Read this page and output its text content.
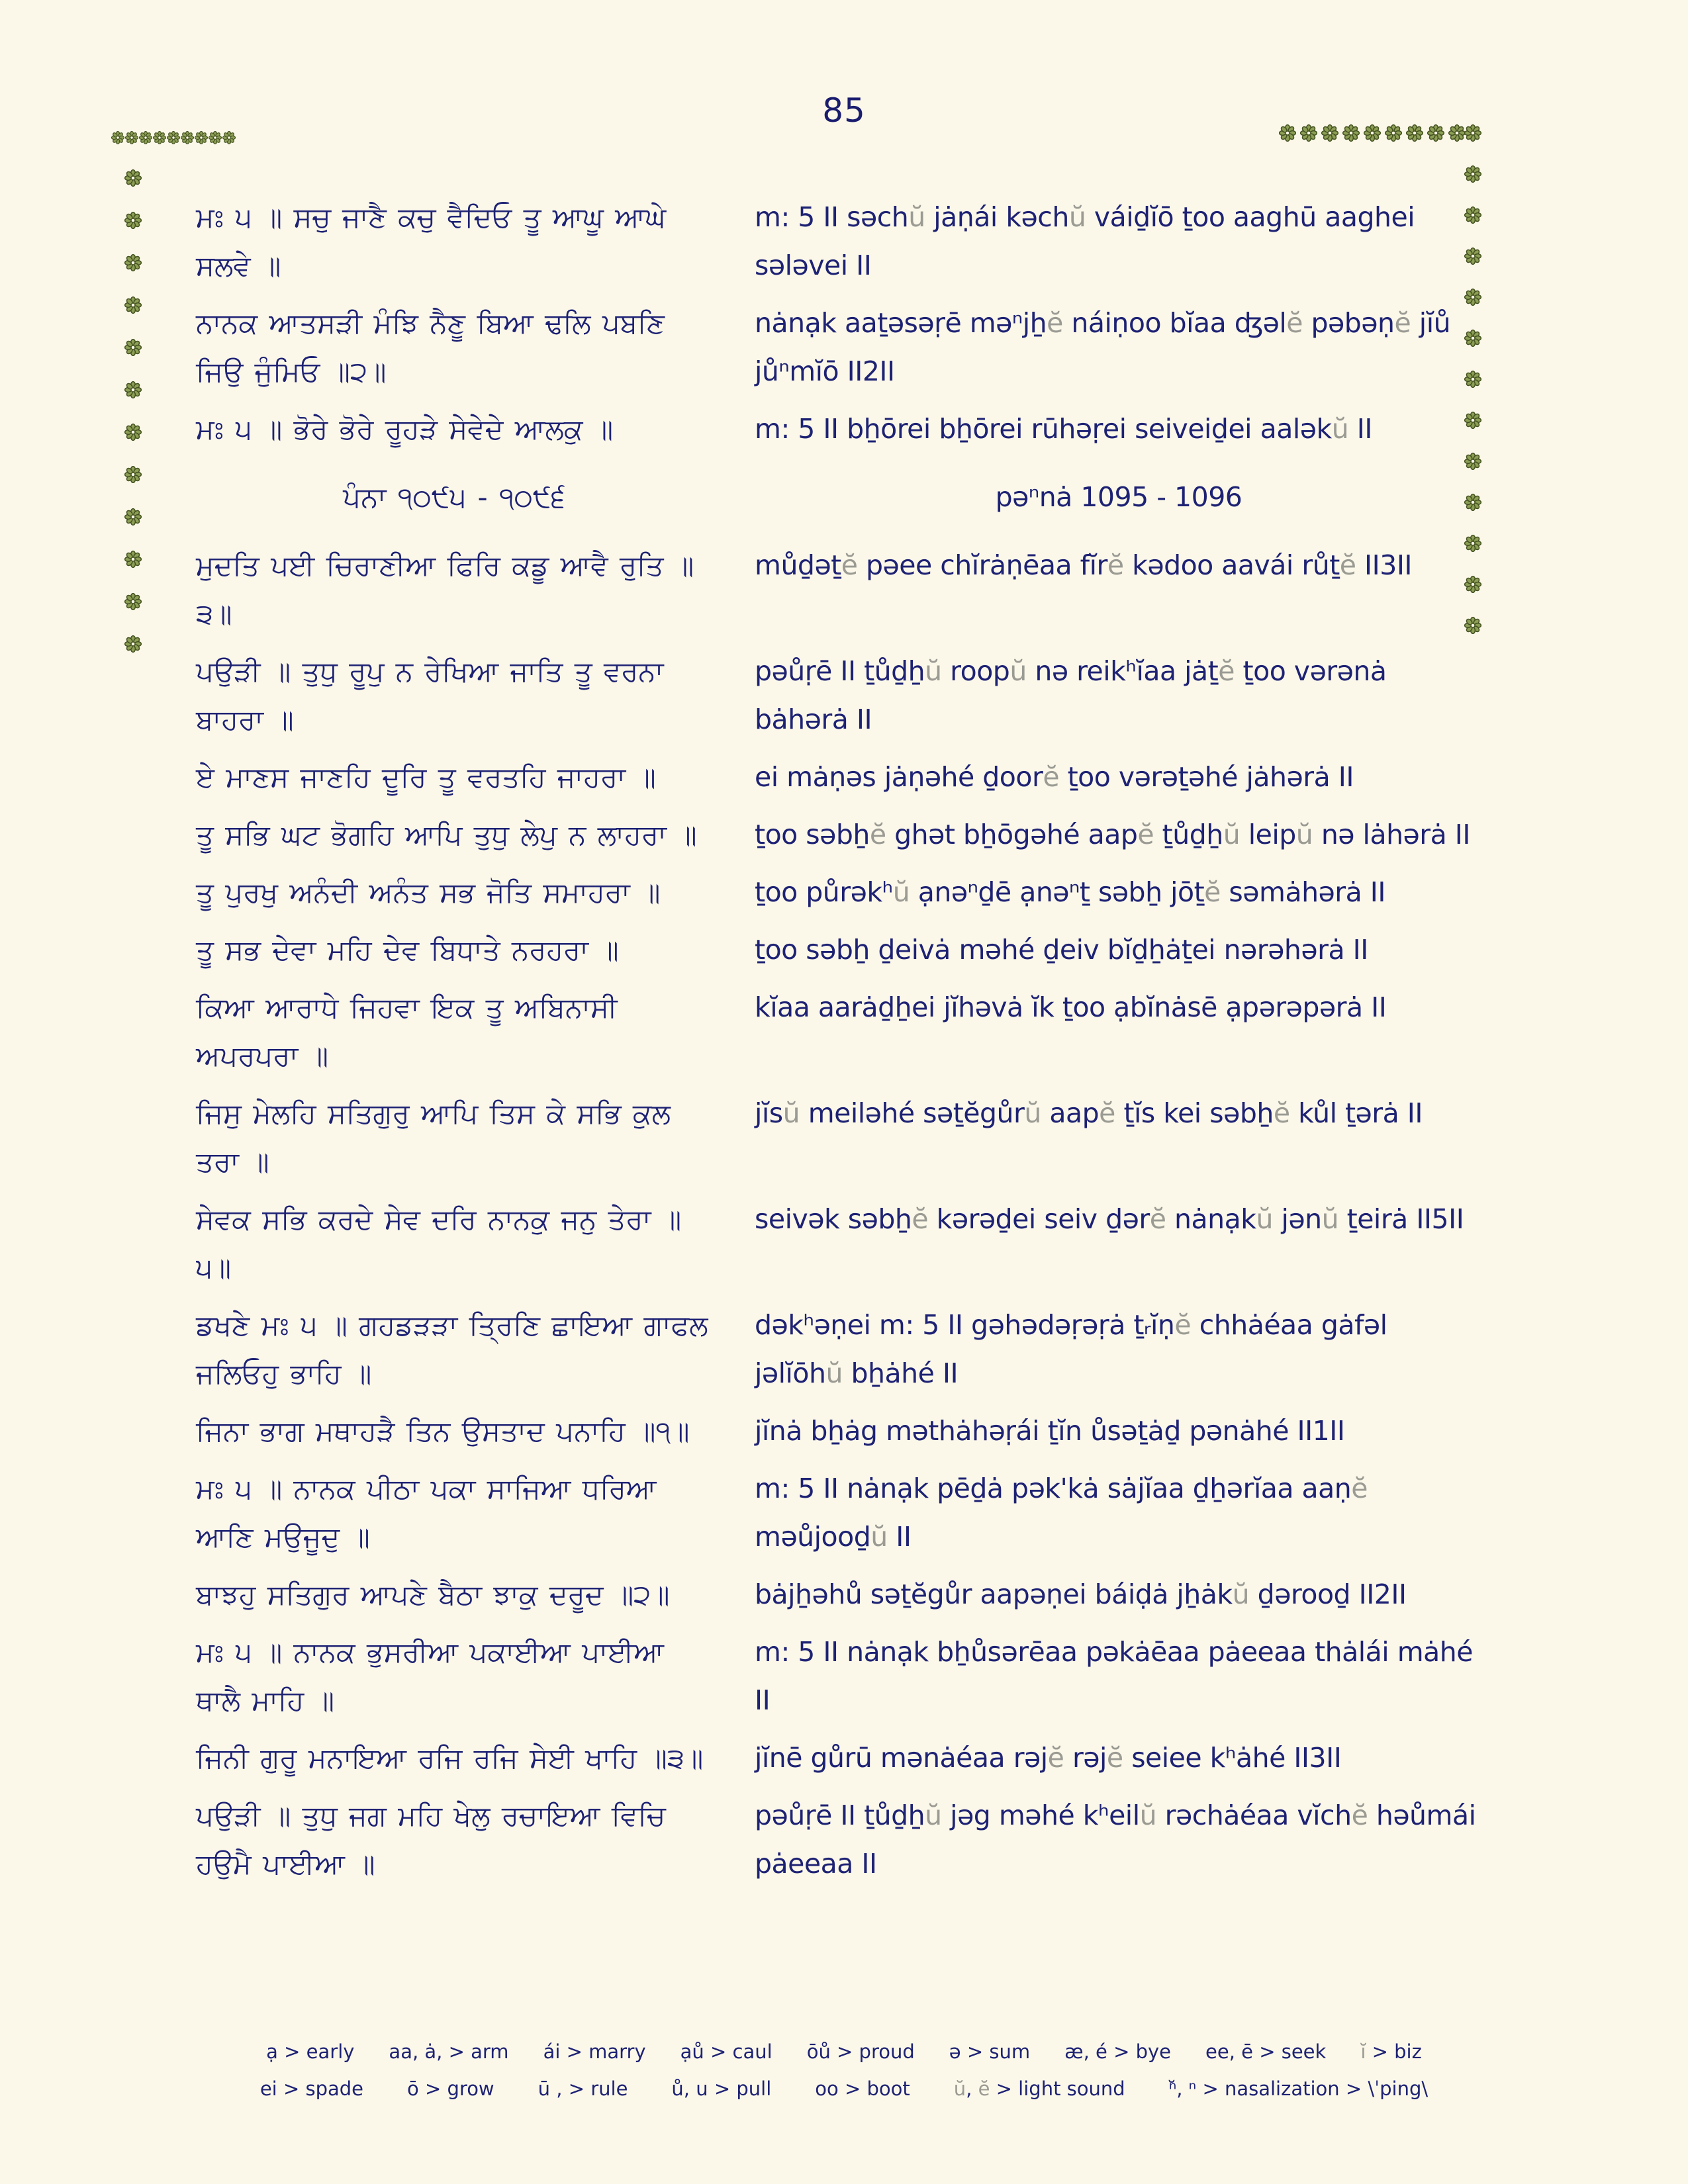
85
ਮਃ ੫ ॥ ਸਚੁ ਜਾਣੈ ਕਚੁ ਵੈਦਿਓ ਤੂ ਆਘੂ ਆਘੇ ਸਲਵੇ ॥
m: 5 II səchŭ jȧṇái kəchŭ váiḏĭō ṯoo aaghū aaghei sələvei II
ਨਾਨਕ ਆਤਸੜੀ ਮੰਝਿ ਨੈਣੂ ਬਿਆ ਢਲਿ ਪਬਣਿ ਜਿਉ ਜੁੰਮਿਓ ॥੨॥
nȧnạk aaṯəsəṛē məⁿjẖĕ náiṇoo bĭaa ʤəlĕ pəbəṇĕ jĭů jůⁿmĭō II2II
ਮਃ ੫ ॥ ਭੋਰੇ ਭੋਰੇ ਰੂਹੜੇ ਸੇਵੇਦੇ ਆਲਕੁ ॥	m: 5 II bẖōrei bẖōrei rūhəṛei seiveiḏei aaləkŭ II
ਪੰਨਾ ੧੦੯੫ - ੧੦੯੬	pəⁿnȧ 1095 - 1096
ਮੁਦਤਿ ਪਈ ਚਿਰਾਣੀਆ ਫਿਰਿ ਕਡੂ ਆਵੈ ਰੁਤਿ ॥੩॥
můḏəṯĕ pəee chĭrȧṇēaa fĭrĕ kədoo aavái růṯĕ II3II
ਪਉੜੀ ॥ ਤੁਧੁ ਰੂਪੁ ਨ ਰੇਖਿਆ ਜਾਤਿ ਤੂ ਵਰਨਾ ਬਾਹਰਾ ॥
pəůṛē II ṯůḏẖŭ roopŭ nə reikʰĭaa jȧṯĕ ṯoo vərənȧ bȧhərȧ II
ਏ ਮਾਣਸ ਜਾਣਹਿ ਦੂਰਿ ਤੂ ਵਰਤਹਿ ਜਾਹਰਾ ॥	ei mȧṇəs jȧṇəhé ḏoorĕ ṯoo vərəṯəhé jȧhərȧ II
ਤੂ ਸਭਿ ਘਟ ਭੋਗਹਿ ਆਪਿ ਤੁਧੁ ਲੇਪੁ ਨ ਲਾਹਰਾ ॥	ṯoo səbẖĕ ghət bẖōgəhé aapĕ ṯůḏẖŭ leipŭ nə lȧhərȧ II
ਤੂ ਪੁਰਖੁ ਅਨੰਦੀ ਅਨੰਤ ਸਭ ਜੋਤਿ ਸਮਾਹਰਾ ॥	ṯoo půrəkʰŭ ạnəⁿḏē ạnəⁿṯ səbẖ jōṯĕ səmȧhərȧ II
ਤੂ ਸਭ ਦੇਵਾ ਮਹਿ ਦੇਵ ਬਿਧਾਤੇ ਨਰਹਰਾ ॥	ṯoo səbẖ ḏeivȧ məhé ḏeiv bĭḏẖȧṯei nərəhərȧ II
ਕਿਆ ਆਰਾਧੇ ਜਿਹਵਾ ਇਕ ਤੂ ਅਬਿਨਾਸੀ ਅਪਰਪਰਾ ॥
kĭaa aarȧḏẖei jĭhəvȧ ĭk ṯoo ạbĭnȧsē ạpərəpərȧ II
ਜਿਸੁ ਮੇਲਹਿ ਸਤਿਗੁਰੁ ਆਪਿ ਤਿਸ ਕੇ ਸਭਿ ਕੁਲ ਤਰਾ ॥
jĭsŭ meiləhé səṯĕgůrŭ aapĕ ṯĭs kei səbẖĕ kůl ṯərȧ II
ਸੇਵਕ ਸਭਿ ਕਰਦੇ ਸੇਵ ਦਰਿ ਨਾਨਕੁ ਜਨੁ ਤੇਰਾ ॥੫॥
seivək səbẖĕ kərəḏei seiv ḏərĕ nȧnạkŭ jənŭ ṯeirȧ II5II
ਡਖਣੇ ਮਃ ੫ ॥ ਗਹਡੜੜਾ ਤ੍ਰਿਣਿ ਛਾਇਆ ਗਾਫਲ ਜਲਿਓਹੁ ਭਾਹਿ ॥
dəkʰəṇei m: 5 II gəhədəṛəṛȧ ṯᵣĭṇĕ chhȧéaa gȧfəl jəlĭōhŭ bẖȧhé II
ਜਿਨਾ ਭਾਗ ਮਥਾਹੜੈ ਤਿਨ ਉਸਤਾਦ ਪਨਾਹਿ ॥੧॥	jĭnȧ bẖȧg məthȧhəṛái ṯĭn ůsəṯȧḏ pənȧhé II1II
ਮਃ ੫ ॥ ਨਾਨਕ ਪੀਠਾ ਪਕਾ ਸਾਜਿਆ ਧਰਿਆ ਆਣਿ ਮਉਜੂਦੁ ॥
m: 5 II nȧnạk pēḏȧ pək'kȧ sȧjĭaa ḏẖərĭaa aaṇĕ məůjooḏŭ II
ਬਾਝਹੁ ਸਤਿਗੁਰ ਆਪਣੇ ਬੈਠਾ ਝਾਕੁ ਦਰੂਦ ॥੨॥	bȧjẖəhů səṯĕgůr aapəṇei báiḍȧ jẖȧkŭ ḏərooḏ II2II
ਮਃ ੫ ॥ ਨਾਨਕ ਭੁਸਰੀਆ ਪਕਾਈਆ ਪਾਈਆ ਥਾਲੈ ਮਾਹਿ ॥
m: 5 II nȧnạk bẖůsərēaa pəkȧēaa pȧeeaa thȧlái mȧhé II
ਜਿਨੀ ਗੁਰੂ ਮਨਾਇਆ ਰਜਿ ਰਜਿ ਸੇਈ ਖਾਹਿ ॥੩॥	jĭnē gůrū mənȧéaa rəjĕ rəjĕ seiee kʰȧhé II3II
ਪਉੜੀ ॥ ਤੁਧੁ ਜਗ ਮਹਿ ਖੇਲੁ ਰਚਾਇਆ ਵਿਚਿ ਹਉਮੈ ਪਾਈਆ ॥
pəůṛē II ṯůḏẖŭ jəg məhé kʰeilŭ rəchȧéaa vĭchĕ həůmái pȧeeaa II
ạ > early aa, ȧ, > arm ái > marry ạů > caul ōů > proud ə > sum æ, é > bye ee, ē > seek ĭ > biz
ei > spade ō > grow ū , > rule ů, u > pull oo > boot ŭ, ĕ > light sound ⁿ̆, ⁿ > nasalization > \ˈping\
